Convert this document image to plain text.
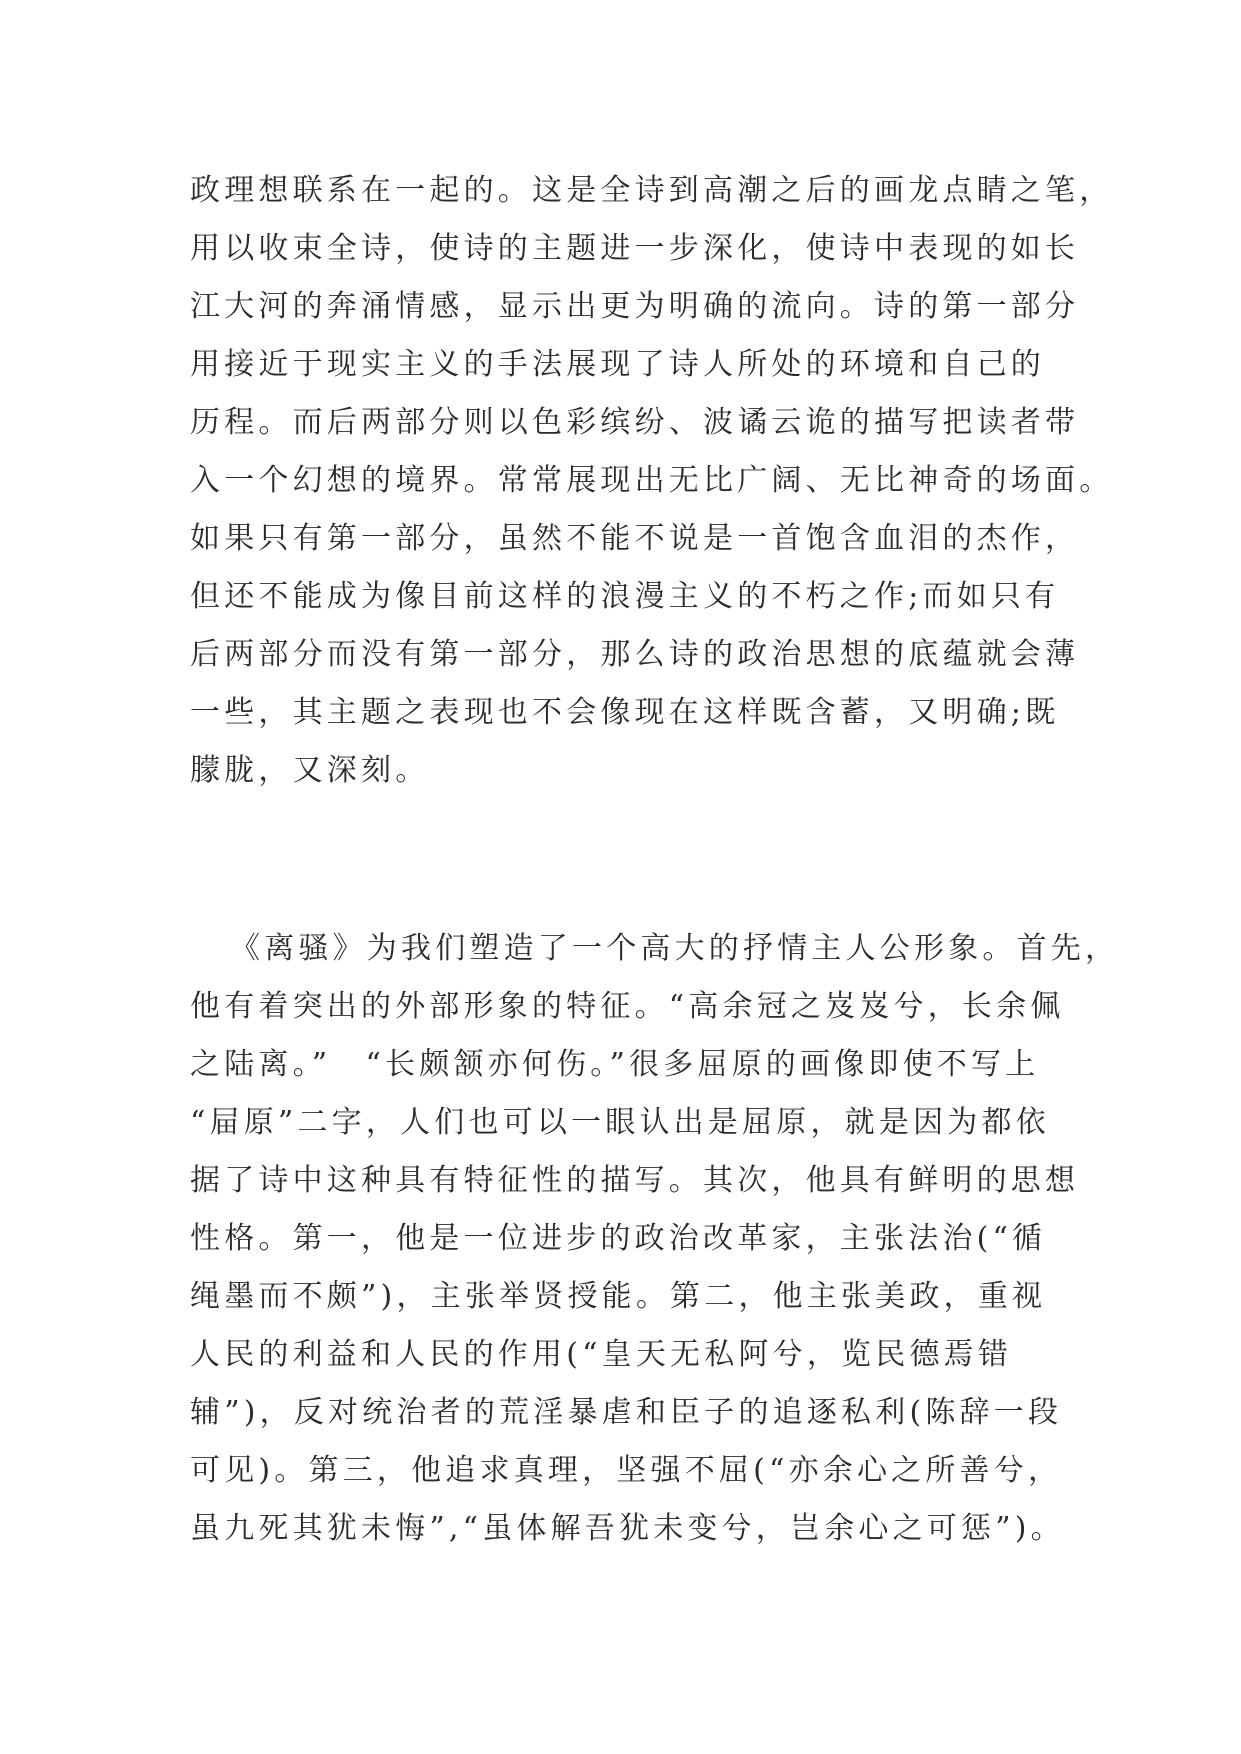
政理想联系在一起的。这是全诗到高潮之后的画龙点睛之笔，
用以收束全诗，使诗的主题进一步深化，使诗中表现的如长
江大河的奔涌情感，显示出更为明确的流向。诗的第一部分
用接近于现实主义的手法展现了诗人所处的环境和自己的
历程。而后两部分则以色彩缤纷、波谲云诡的描写把读者带
入一个幻想的境界。常常展现出无比广阔、无比神奇的场面。
如果只有第一部分，虽然不能不说是一首饱含血泪的杰作，
但还不能成为像目前这样的浪漫主义的不朽之作;而如只有
后两部分而没有第一部分，那么诗的政治思想的底蕴就会薄
一些，其主题之表现也不会像现在这样既含蓄，又明确;既
朦胧，又深刻。
《离骚》为我们塑造了一个高大的抒情主人公形象。首先，
他有着突出的外部形象的特征。“高余冠之岌岌兮，长余佩
之陆离。”　“长颇颔亦何伤。”很多屈原的画像即使不写上
“屇原”二字，人们也可以一眼认出是屈原，就是因为都依
据了诗中这种具有特征性的描写。其次，他具有鲜明的思想
性格。第一，他是一位进步的政治改革家，主张法治(“循
绳墨而不颇”)，主张举贤授能。第二，他主张美政，重视
人民的利益和人民的作用(“皇天无私阿兮，览民德焉错
辅”)，反对统治者的荒淫暴虐和臣子的追逐私利(陈辞一段
可见)。第三，他追求真理，坚强不屈(“亦余心之所善兮，
虽九死其犹未悔”,“虽体解吾犹未变兮，岂余心之可惩”)。
